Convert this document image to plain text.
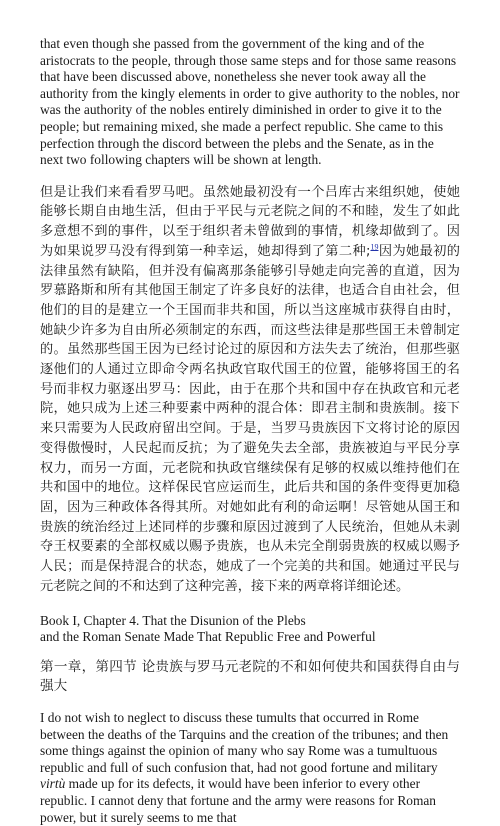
that even though she passed from the government of the king and of the aristocrats to the people, through those same steps and for those same reasons that have been discussed above, nonetheless she never took away all the authority from the kingly elements in order to give authority to the nobles, nor was the authority of the nobles entirely diminished in order to give it to the people; but remaining mixed, she made a perfect republic. She came to this perfection through the discord between the plebs and the Senate, as in the next two following chapters will be shown at length.

但是让我们来看看罗马吧。虽然她最初没有一个吕库古来组织她，使她能够长期自由地生活，但由于平民与元老院之间的不和睦，发生了如此多意想不到的事件，以至于组织者未曾做到的事情，机缘却做到了。因为如果说罗马没有得到第一种幸运，她却得到了第二种;$^{19}$因为她最初的法律虽然有缺陷，但并没有偏离那条能够引导她走向完善的直道，因为罗慕路斯和所有其他国王制定了许多良好的法律，也适合自由社会，但他们的目的是建立一个王国而非共和国，所以当这座城市获得自由时，她缺少许多为自由所必须制定的东西，而这些法律是那些国王未曾制定的。虽然那些国王因为已经讨论过的原因和方法失去了统治，但那些驱逐他们的人通过立即命令两名执政官取代国王的位置，能够将国王的名号而非权力驱逐出罗马：因此，由于在那个共和国中存在执政官和元老院，她只成为上述三种要素中两种的混合体：即君主制和贵族制。接下来只需要为人民政府留出空间。于是，当罗马贵族因下文将讨论的原因变得傲慢时，人民起而反抗；为了避免失去全部，贵族被迫与平民分享权力，而另一方面，元老院和执政官继续保有足够的权威以维持他们在共和国中的地位。这样保民官应运而生，此后共和国的条件变得更加稳固，因为三种政体各得其所。对她如此有利的命运啊！尽管她从国王和贵族的统治经过上述同样的步骤和原因过渡到了人民统治，但她从未剥夺王权要素的全部权威以赐予贵族，也从未完全削弱贵族的权威以赐予人民；而是保持混合的状态，她成了一个完美的共和国。她通过平民与元老院之间的不和达到了这种完善，接下来的两章将详细论述。

Book I, Chapter 4. That the Disunion of the Plebs
and the Roman Senate Made That Republic Free and Powerful

第一章，第四节 论贵族与罗马元老院的不和如何使共和国获得自由与强大

I do not wish to neglect to discuss these tumults that occurred in Rome between the deaths of the Tarquins and the creation of the tribunes; and then some things against the opinion of many who say Rome was a tumultuous republic and full of such confusion that, had not good fortune and military virtù made up for its defects, it would have been inferior to every other republic. I cannot deny that fortune and the army were reasons for Roman power, but it surely seems to me that
